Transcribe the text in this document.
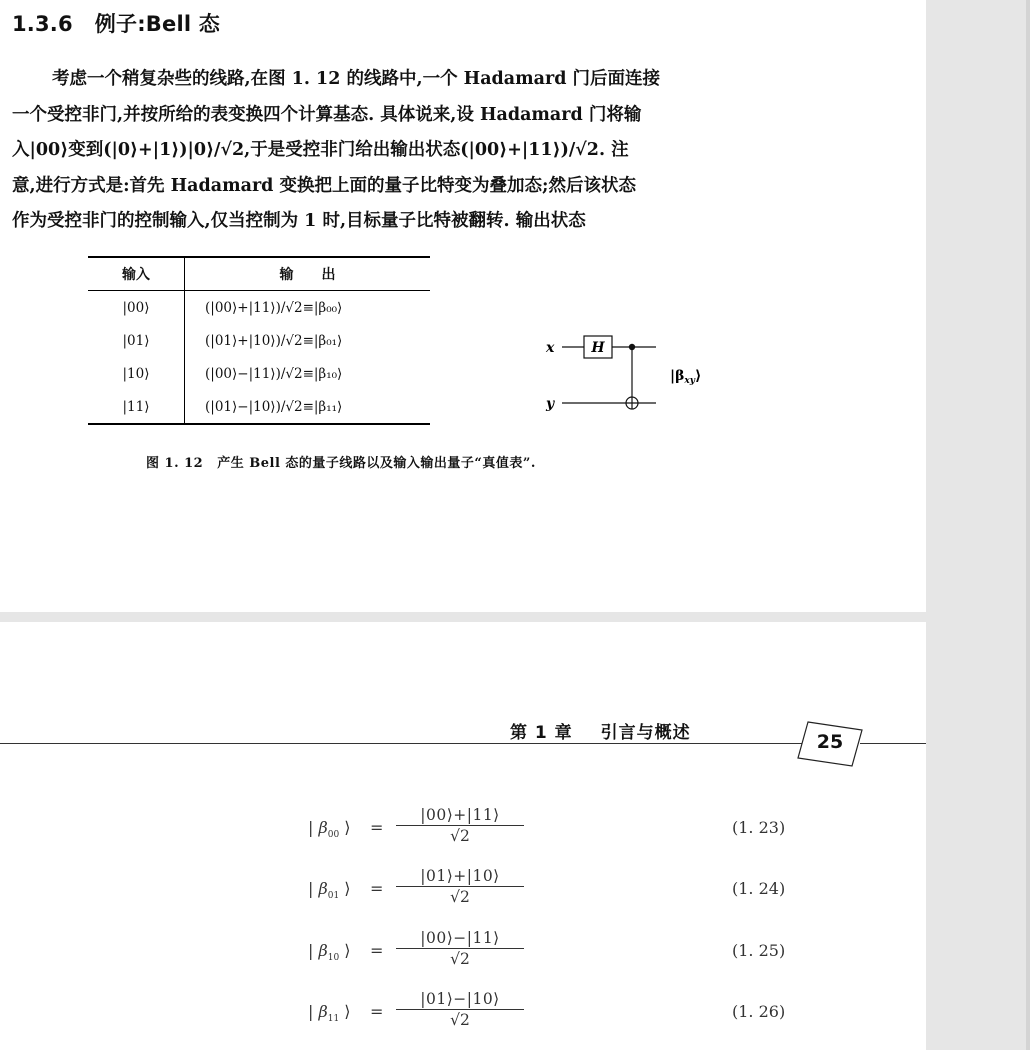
1.3.6 例子:Bell 态
考虑一个稍复杂些的线路,在图 1. 12 的线路中,一个 Hadamard 门后面连接
一个受控非门,并按所给的表变换四个计算基态. 具体说来,设 Hadamard 门将输
入|00⟩变到(|0⟩+|1⟩)|0⟩/√2,于是受控非门给出输出状态(|00⟩+|11⟩)/√2. 注
意,进行方式是:首先 Hadamard 变换把上面的量子比特变为叠加态;然后该状态
作为受控非门的控制输入,仅当控制为 1 时,目标量子比特被翻转. 输出状态
输入	输　　出
|00⟩	(|00⟩+|11⟩)/√2≡|β₀₀⟩
|01⟩	(|01⟩+|10⟩)/√2≡|β₀₁⟩
|10⟩	(|00⟩−|11⟩)/√2≡|β₁₀⟩
|11⟩	(|01⟩−|10⟩)/√2≡|β₁₁⟩
x
y
H
$|\beta_{xy}⟩$
图 1. 12 产生 Bell 态的量子线路以及输入输出量子“真值表”.
第 1 章 引言与概述	25
| $\beta_{00}$ ⟩ = $\frac{|00⟩+|11⟩}{√2}$	(1. 23)
| $\beta_{01}$ ⟩ = $\frac{|01⟩+|10⟩}{√2}$	(1. 24)
| $\beta_{10}$ ⟩ = $\frac{|00⟩-|11⟩}{√2}$	(1. 25)
| $\beta_{11}$ ⟩ = $\frac{|01⟩-|10⟩}{√2}$	(1. 26)
